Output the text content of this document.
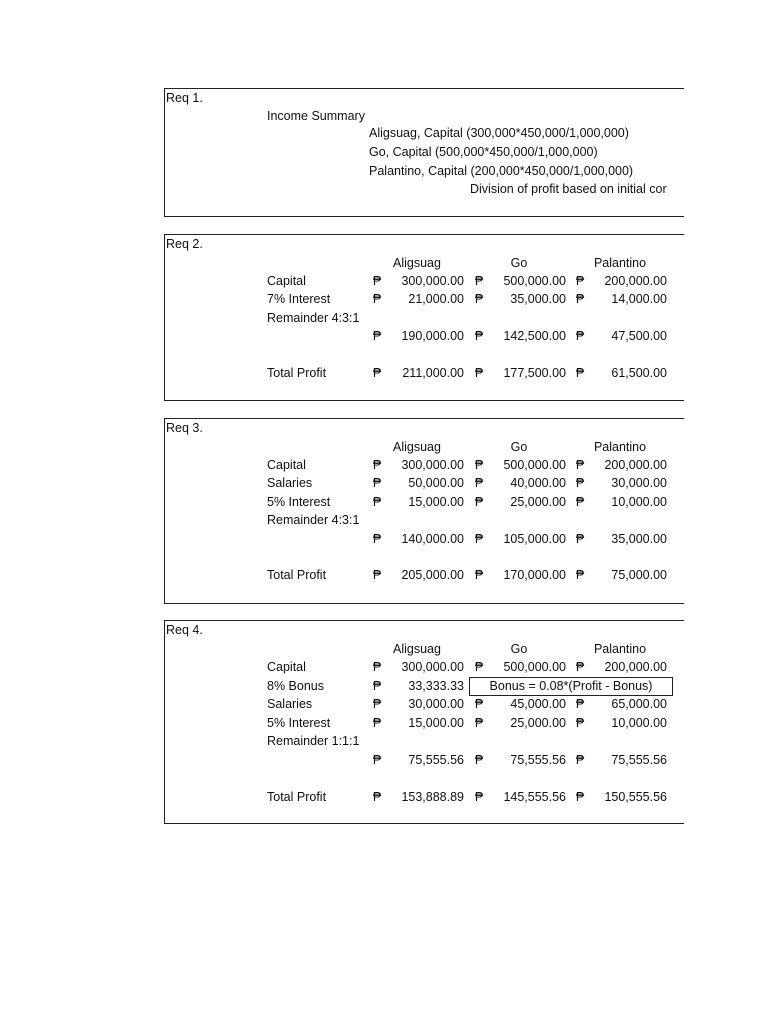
Req 1.
Income Summary
Aligsuag, Capital (300,000*450,000/1,000,000)
Go, Capital (500,000*450,000/1,000,000)
Palantino, Capital (200,000*450,000/1,000,000)
Division of profit based on initial cor
Req 2.
Aligsuag	Go	Palantino
Capital	₱	300,000.00 ₱	500,000.00 ₱	200,000.00
7% Interest	₱	21,000.00 ₱	35,000.00 ₱	14,000.00
Remainder 4:3:1
₱	190,000.00 ₱	142,500.00 ₱	47,500.00
Total Profit	₱	211,000.00 ₱	177,500.00 ₱	61,500.00
Req 3.
Aligsuag	Go	Palantino
Capital	₱	300,000.00 ₱	500,000.00 ₱	200,000.00
Salaries	₱	50,000.00 ₱	40,000.00 ₱	30,000.00
5% Interest	₱	15,000.00 ₱	25,000.00 ₱	10,000.00
Remainder 4:3:1
₱	140,000.00 ₱	105,000.00 ₱	35,000.00
Total Profit	₱	205,000.00 ₱	170,000.00 ₱	75,000.00
Req 4.
Aligsuag	Go	Palantino
Capital	₱	300,000.00 ₱	500,000.00 ₱	200,000.00
8% Bonus	₱	33,333.33	Bonus = 0.08*(Profit - Bonus)
Salaries	₱	30,000.00 ₱	45,000.00 ₱	65,000.00
5% Interest	₱	15,000.00 ₱	25,000.00 ₱	10,000.00
Remainder 1:1:1
₱	75,555.56 ₱	75,555.56 ₱	75,555.56
Total Profit	₱	153,888.89 ₱	145,555.56 ₱	150,555.56
